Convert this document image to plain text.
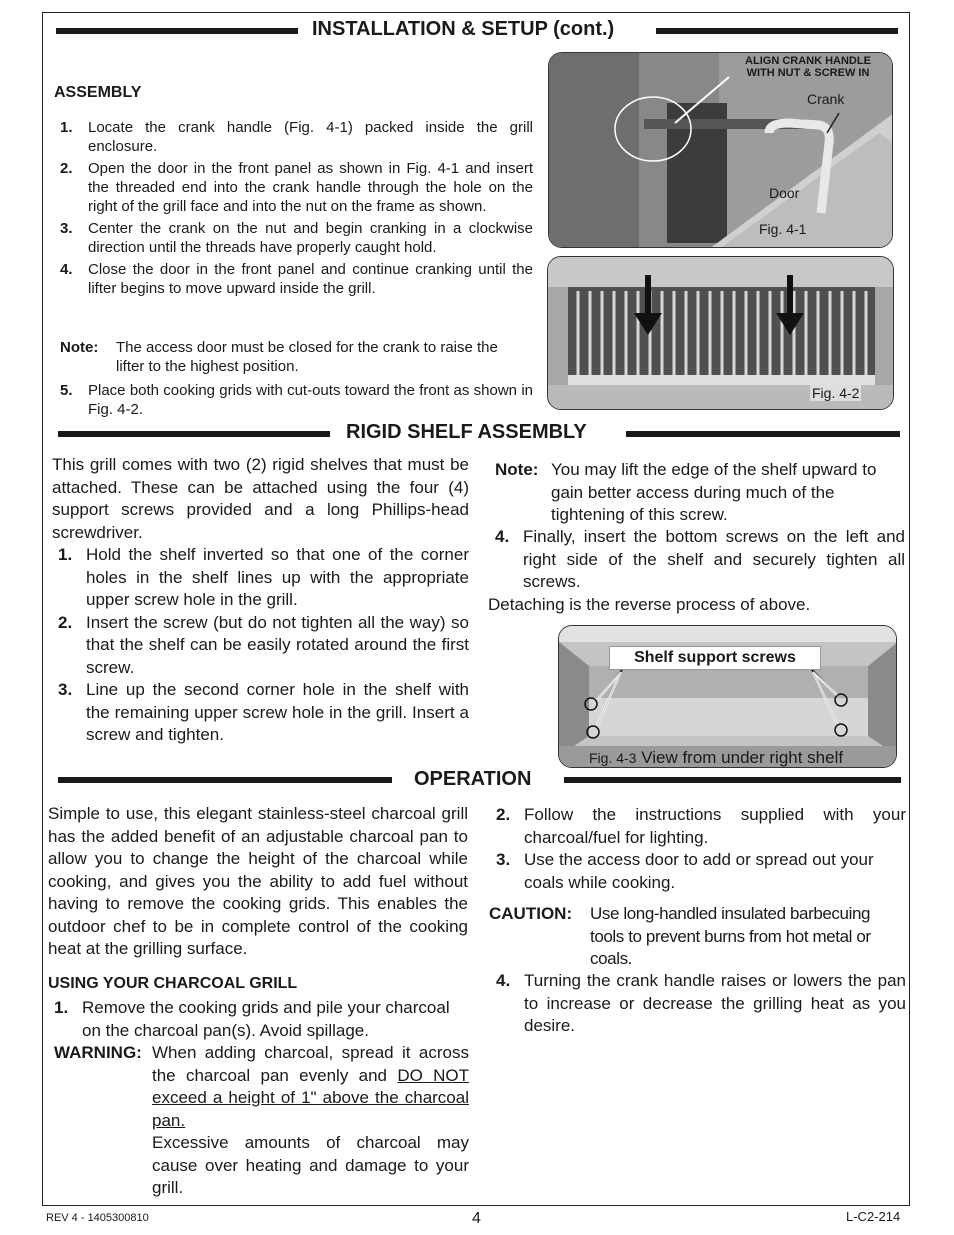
INSTALLATION & SETUP (cont.)
ASSEMBLY
1. Locate the crank handle (Fig. 4-1) packed inside the grill enclosure.
2. Open the door in the front panel as shown in Fig. 4-1 and insert the threaded end into the crank handle through the hole on the right of the grill face and into the nut on the frame as shown.
3. Center the crank on the nut and begin cranking in a clockwise direction until the threads have properly caught hold.
4. Close the door in the front panel and continue cranking until the lifter begins to move upward inside the grill.
Note: The access door must be closed for the crank to raise the lifter to the highest position.
5. Place both cooking grids with cut-outs toward the front as shown in Fig. 4-2.
ALIGN CRANK HANDLE
WITH NUT & SCREW IN
Crank
Door
Fig. 4-1
Fig. 4-2
RIGID SHELF ASSEMBLY
This grill comes with two (2) rigid shelves that must be attached. These can be attached using the four (4) support screws provided and a long Phillips-head screwdriver.
1. Hold the shelf inverted so that one of the corner holes in the shelf lines up with the appropriate upper screw hole in the grill.
2. Insert the screw (but do not tighten all the way) so that the shelf can be easily rotated around the first screw.
3. Line up the second corner hole in the shelf with the remaining upper screw hole in the grill. Insert a screw and tighten.
Note: You may lift the edge of the shelf upward to gain better access during much of the tightening of this screw.
4. Finally, insert the bottom screws on the left and right side of the shelf and securely tighten all screws.
Detaching is the reverse process of above.
Shelf support screws
Fig. 4-3 View from under right shelf
OPERATION
Simple to use, this elegant stainless-steel charcoal grill has the added benefit of an adjustable charcoal pan to allow you to change the height of the charcoal while cooking, and gives you the ability to add fuel without having to remove the cooking grids. This enables the outdoor chef to be in complete control of the cooking heat at the grilling surface.
USING YOUR CHARCOAL GRILL
1. Remove the cooking grids and pile your charcoal on the charcoal pan(s). Avoid spillage.
WARNING: When adding charcoal, spread it across the charcoal pan evenly and DO NOT exceed a height of 1" above the charcoal pan.
Excessive amounts of charcoal may cause over heating and damage to your grill.
2. Follow the instructions supplied with your charcoal/fuel for lighting.
3. Use the access door to add or spread out your coals while cooking.
CAUTION: Use long-handled insulated barbecuing tools to prevent burns from hot metal or coals.
4. Turning the crank handle raises or lowers the pan to increase or decrease the grilling heat as you desire.
REV 4 - 1405300810	4	L-C2-214
